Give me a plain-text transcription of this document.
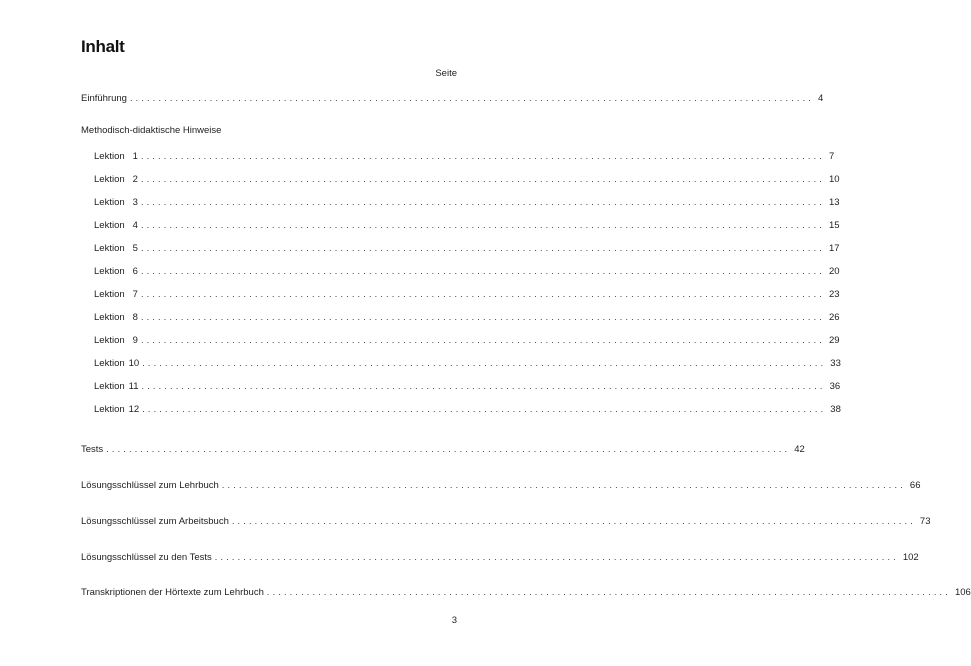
Inhalt
Seite
Einführung ........................................................................................................................ 4
Methodisch-didaktische Hinweise
Lektion 1 ........................................................................................................................ 7
Lektion 2 ........................................................................................................................ 10
Lektion 3 ........................................................................................................................ 13
Lektion 4 ........................................................................................................................ 15
Lektion 5 ........................................................................................................................ 17
Lektion 6 ........................................................................................................................ 20
Lektion 7 ........................................................................................................................ 23
Lektion 8 ........................................................................................................................ 26
Lektion 9 ........................................................................................................................ 29
Lektion 10 ........................................................................................................................ 33
Lektion 11 ........................................................................................................................ 36
Lektion 12 ........................................................................................................................ 38
Tests ........................................................................................................................ 42
Lösungsschlüssel zum Lehrbuch ........................................................................................................................ 66
Lösungsschlüssel zum Arbeitsbuch ........................................................................................................................ 73
Lösungsschlüssel zu den Tests ........................................................................................................................ 102
Transkriptionen der Hörtexte zum Lehrbuch ........................................................................................................................ 106
3
